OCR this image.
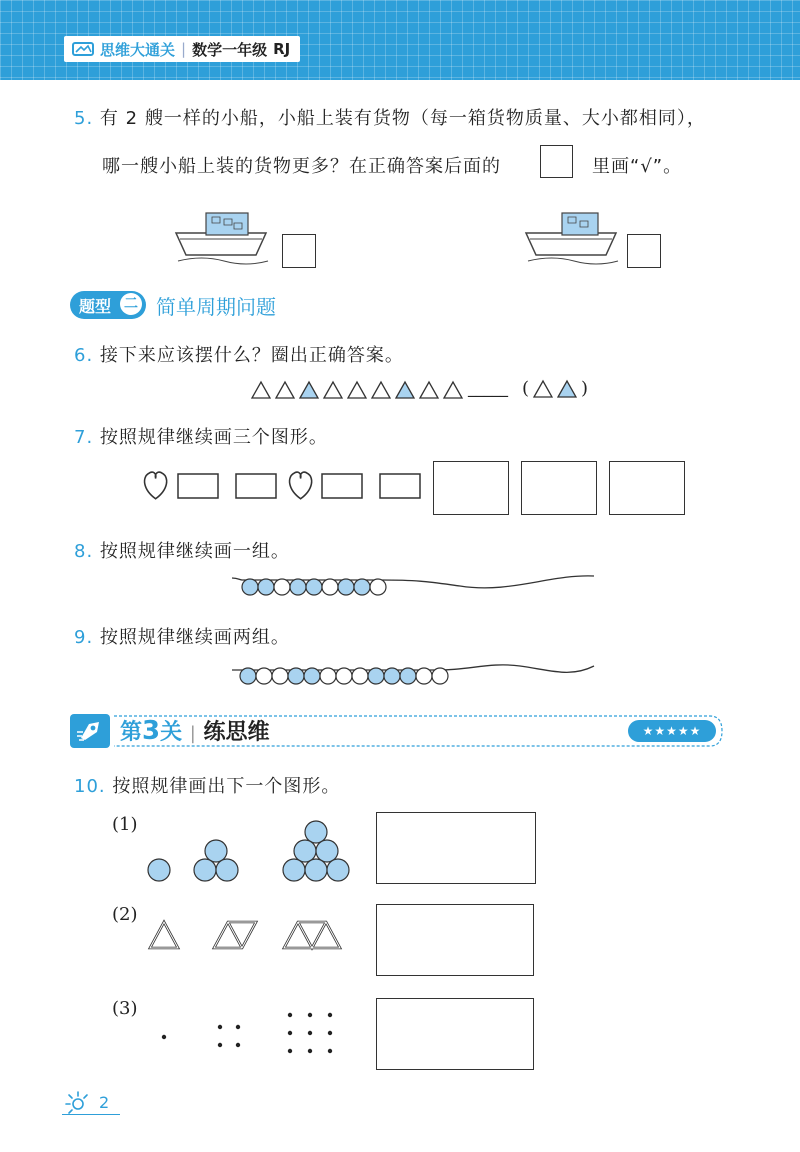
思维大通关 | 数学一年级 RJ
5. 有 2 艘一样的小船，小船上装有货物（每一箱货物质量、大小都相同），
哪一艘小船上装的货物更多？在正确答案后面的	里画“√”。
题型 二 简单周期问题
6. 接下来应该摆什么？圈出正确答案。
_____ (	)
7. 按照规律继续画三个图形。
8. 按照规律继续画一组。
9. 按照规律继续画两组。
第3关 | 练思维	★★★★★
10. 按照规律画出下一个图形。
(1)
(2)
(3)
2
